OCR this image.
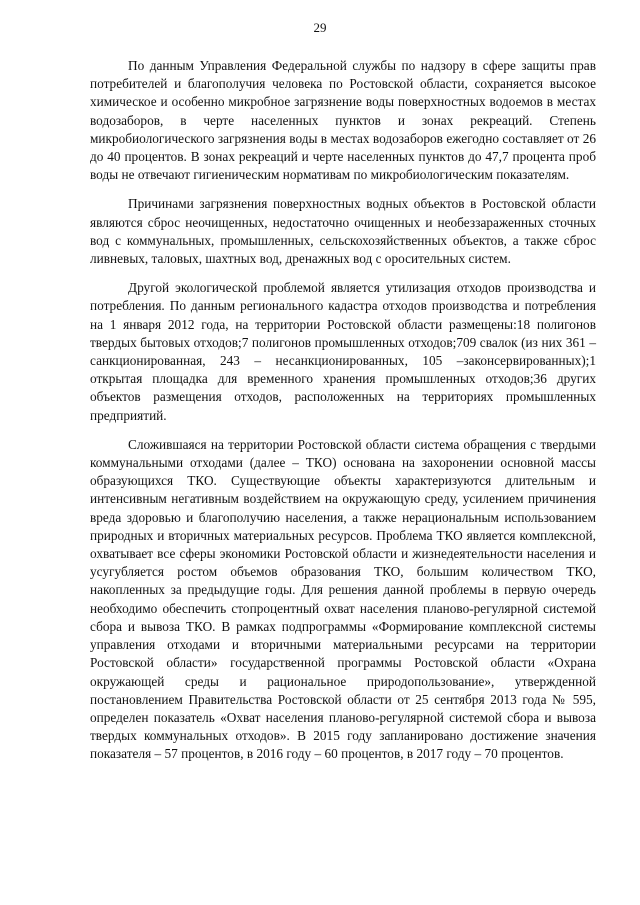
29

По данным Управления Федеральной службы по надзору в сфере защиты прав потребителей и благополучия человека по Ростовской области, сохраняется высокое химическое и особенно микробное загрязнение воды поверхностных водоемов в местах водозаборов, в черте населенных пунктов и зонах рекреаций. Степень микробиологического загрязнения воды в местах водозаборов ежегодно составляет от 26 до 40 процентов. В зонах рекреаций и черте населенных пунктов до 47,7 процента проб воды не отвечают гигиеническим нормативам по микробиологическим показателям.

Причинами загрязнения поверхностных водных объектов в Ростовской области являются сброс неочищенных, недостаточно очищенных и необеззараженных сточных вод с коммунальных, промышленных, сельскохозяйственных объектов, а также сброс ливневых, таловых, шахтных вод, дренажных вод с оросительных систем.

Другой экологической проблемой является утилизация отходов производства и потребления. По данным регионального кадастра отходов производства и потребления на 1 января 2012 года, на территории Ростовской области размещены:18 полигонов твердых бытовых отходов;7 полигонов промышленных отходов;709 свалок (из них 361 –санкционированная, 243 – несанкционированных, 105 –законсервированных);1 открытая площадка для временного хранения промышленных отходов;36 других объектов размещения отходов, расположенных на территориях промышленных предприятий.

Сложившаяся на территории Ростовской области система обращения с твердыми коммунальными отходами (далее – ТКО) основана на захоронении основной массы образующихся ТКО. Существующие объекты характеризуются длительным и интенсивным негативным воздействием на окружающую среду, усилением причинения вреда здоровью и благополучию населения, а также нерациональным использованием природных и вторичных материальных ресурсов. Проблема ТКО является комплексной, охватывает все сферы экономики Ростовской области и жизнедеятельности населения и усугубляется ростом объемов образования ТКО, большим количеством ТКО, накопленных за предыдущие годы. Для решения данной проблемы в первую очередь необходимо обеспечить стопроцентный охват населения планово-регулярной системой сбора и вывоза ТКО. В рамках подпрограммы «Формирование комплексной системы управления отходами и вторичными материальными ресурсами на территории Ростовской области» государственной программы Ростовской области «Охрана окружающей среды и рациональное природопользование», утвержденной постановлением Правительства Ростовской области от 25 сентября 2013 года № 595, определен показатель «Охват населения планово-регулярной системой сбора и вывоза твердых коммунальных отходов». В 2015 году запланировано достижение значения показателя – 57 процентов, в 2016 году – 60 процентов, в 2017 году – 70 процентов.
